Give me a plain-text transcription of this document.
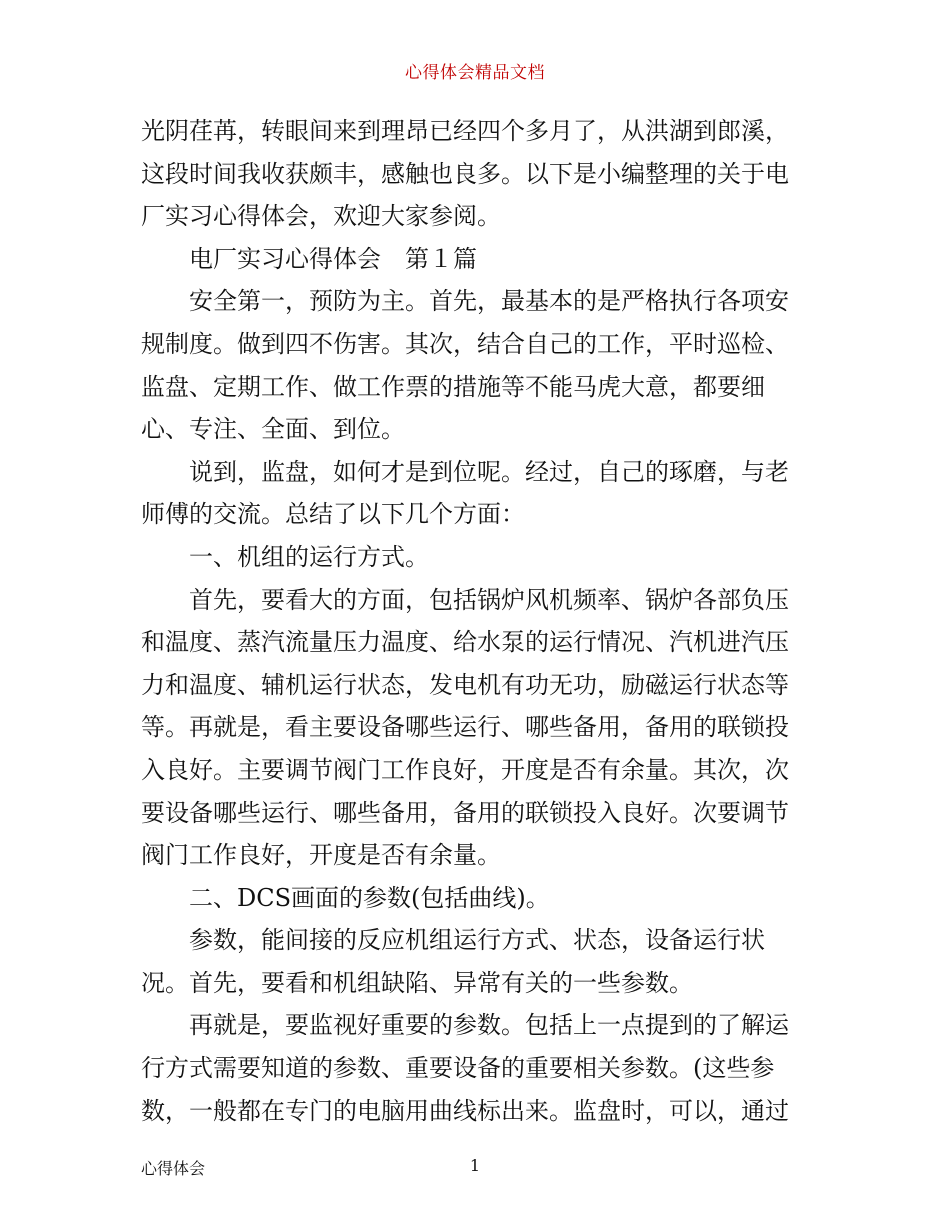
心得体会精品文档
光阴荏苒，转眼间来到理昂已经四个多月了，从洪湖到郎溪，
这段时间我收获颇丰，感触也良多。以下是小编整理的关于电
厂实习心得体会，欢迎大家参阅。
电厂实习心得体会　第１篇
安全第一，预防为主。首先，最基本的是严格执行各项安
规制度。做到四不伤害。其次，结合自己的工作，平时巡检、
监盘、定期工作、做工作票的措施等不能马虎大意，都要细
心、专注、全面、到位。
说到，监盘，如何才是到位呢。经过，自己的琢磨，与老
师傅的交流。总结了以下几个方面：
一、机组的运行方式。
首先，要看大的方面，包括锅炉风机频率、锅炉各部负压
和温度、蒸汽流量压力温度、给水泵的运行情况、汽机进汽压
力和温度、辅机运行状态，发电机有功无功，励磁运行状态等
等。再就是，看主要设备哪些运行、哪些备用，备用的联锁投
入良好。主要调节阀门工作良好，开度是否有余量。其次，次
要设备哪些运行、哪些备用，备用的联锁投入良好。次要调节
阀门工作良好，开度是否有余量。
二、DCS画面的参数(包括曲线)。
参数，能间接的反应机组运行方式、状态，设备运行状
况。首先，要看和机组缺陷、异常有关的一些参数。
再就是，要监视好重要的参数。包括上一点提到的了解运
行方式需要知道的参数、重要设备的重要相关参数。(这些参
数，一般都在专门的电脑用曲线标出来。监盘时，可以，通过
心得体会	1
